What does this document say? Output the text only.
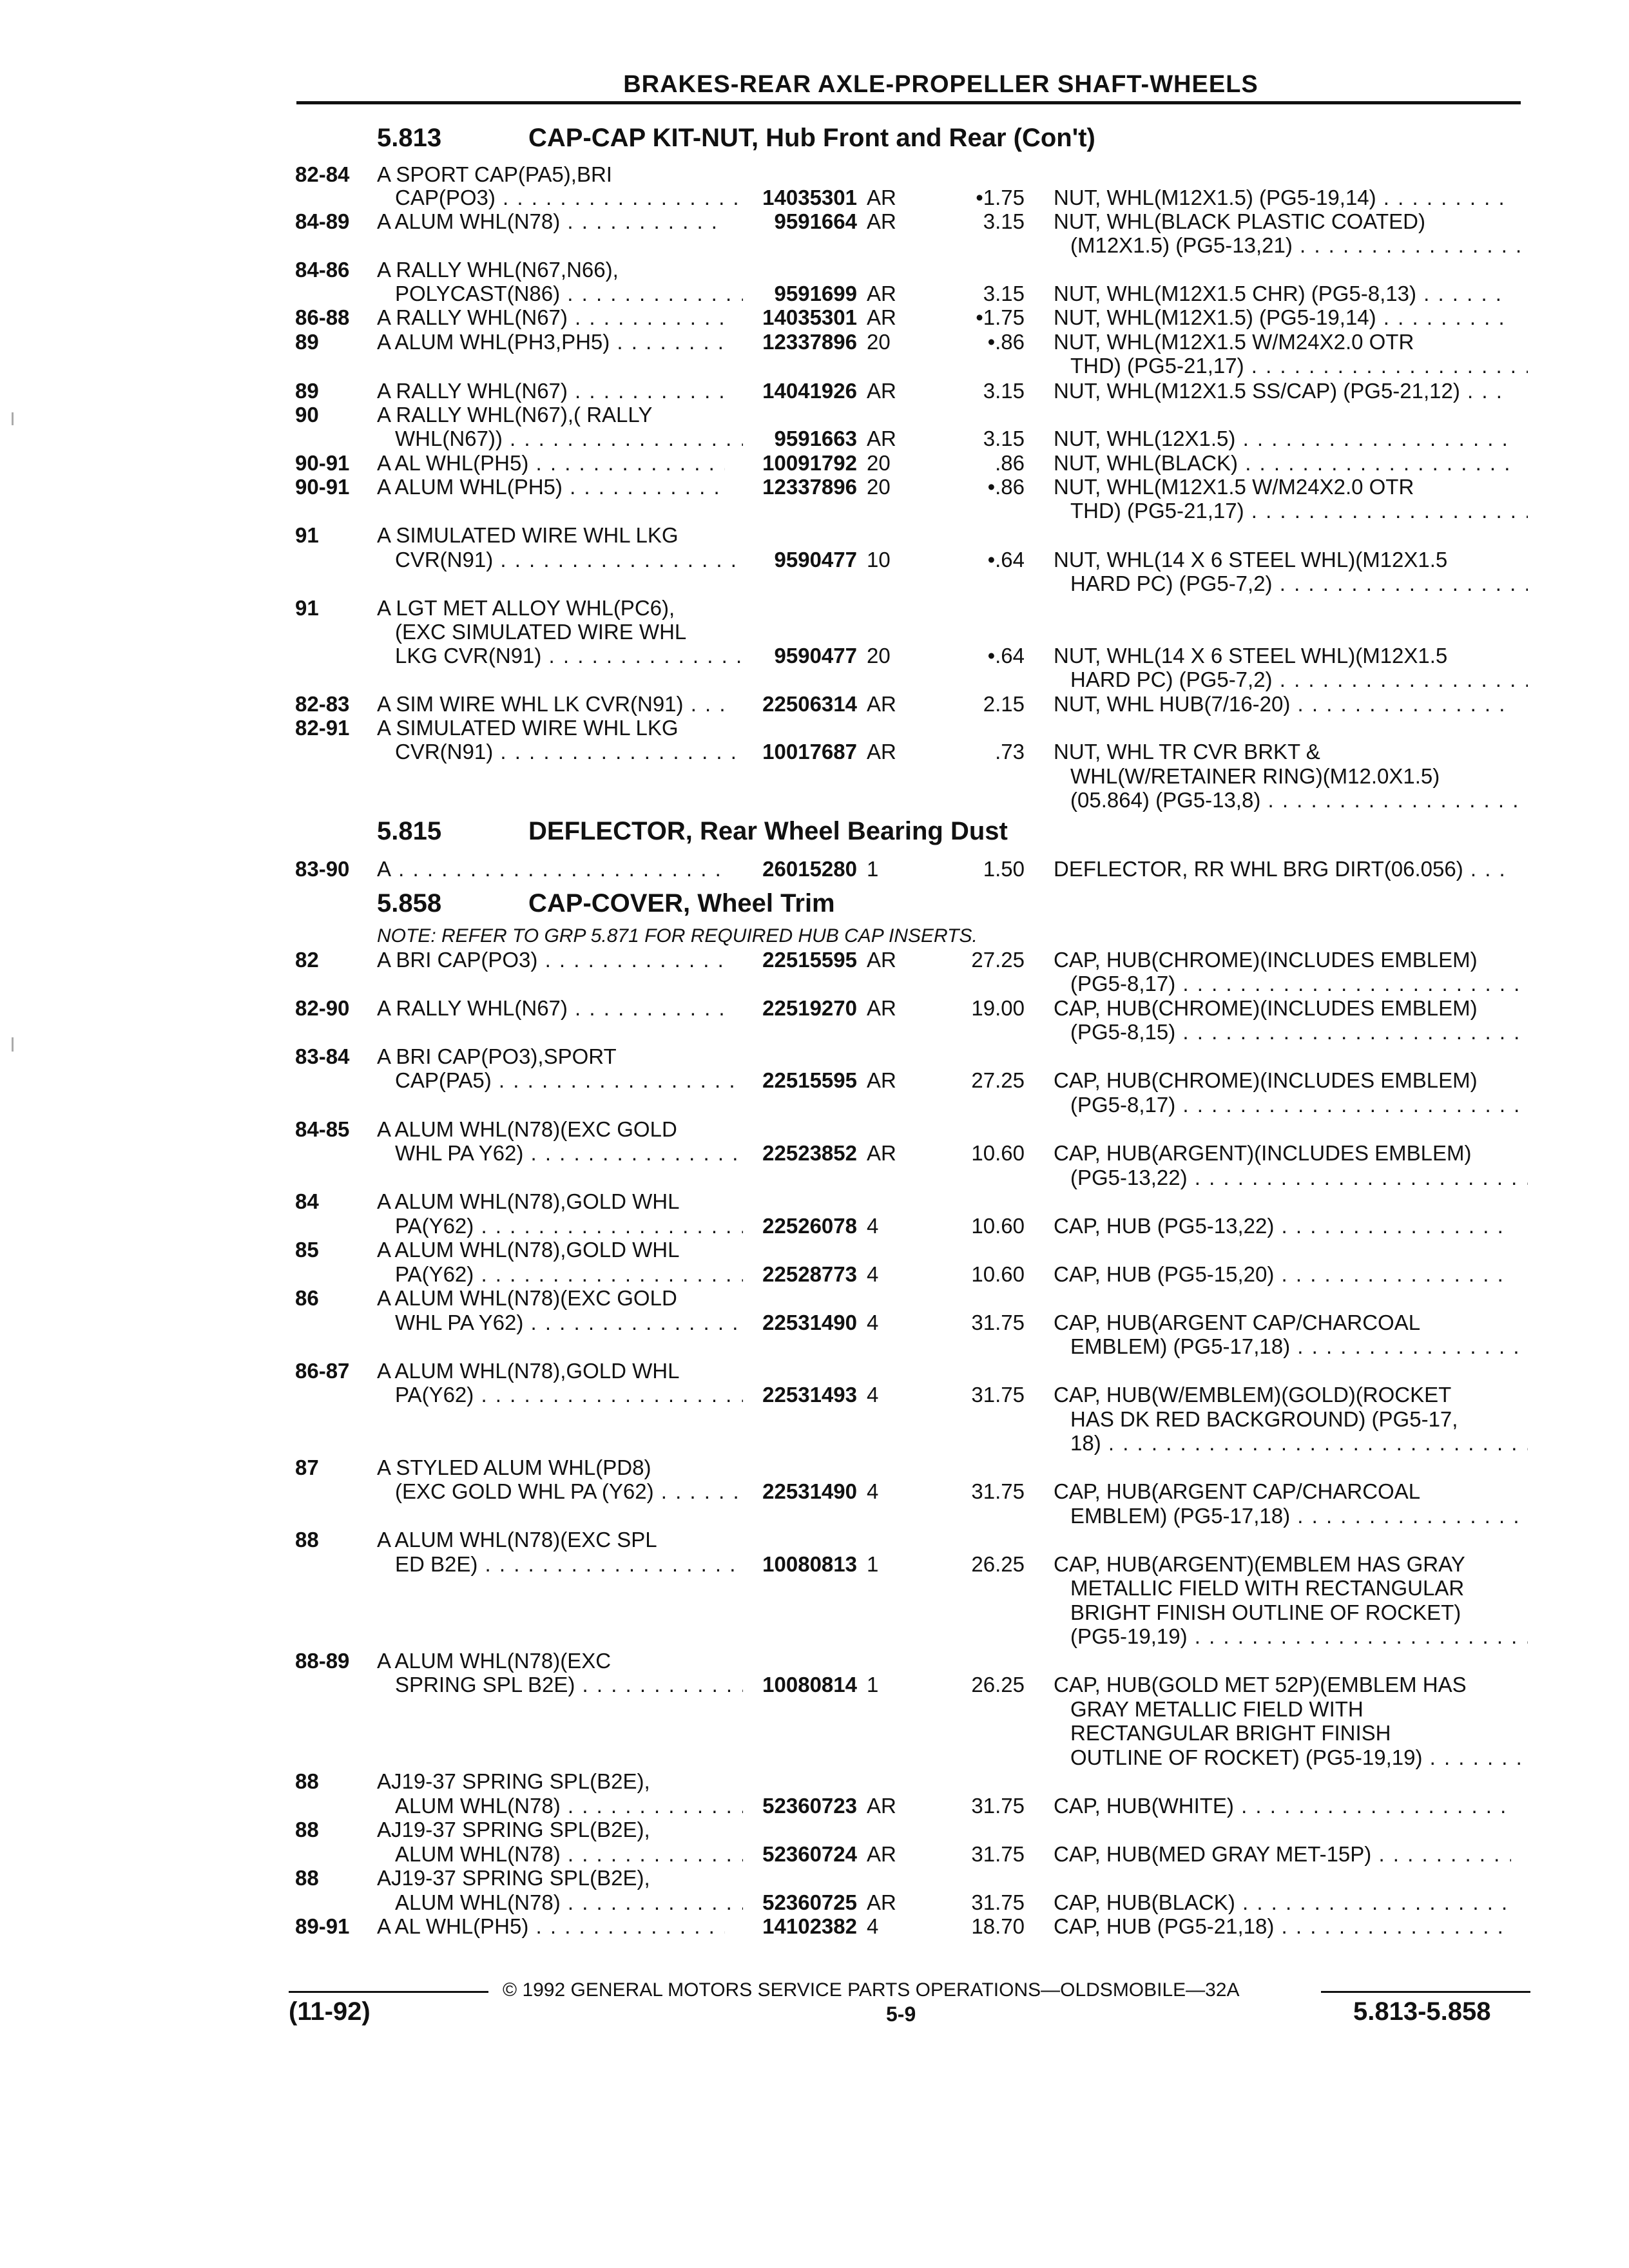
BRAKES-REAR AXLE-PROPELLER SHAFT-WHEELS
5.813	CAP-CAP KIT-NUT, Hub Front and Rear (Con't)
5.815	DEFLECTOR, Rear Wheel Bearing Dust
5.858	CAP-COVER, Wheel Trim
NOTE: REFER TO GRP 5.871 FOR REQUIRED HUB CAP INSERTS.
82-84	A SPORT CAP(PA5),BRI
CAP(PO3) . . .	14035301 AR	•1.75 NUT, WHL(M12X1.5) (PG5-19,14) . . .
84-89	A ALUM WHL(N78) . . .	9591664 AR	3.15 NUT, WHL(BLACK PLASTIC COATED)
(M12X1.5) (PG5-13,21) . . .
84-86	A RALLY WHL(N67,N66),
POLYCAST(N86) . . .	9591699 AR	3.15 NUT, WHL(M12X1.5 CHR) (PG5-8,13) . . .
86-88	A RALLY WHL(N67) . . .	14035301 AR	•1.75 NUT, WHL(M12X1.5) (PG5-19,14) . . .
89	A ALUM WHL(PH3,PH5) . . .	12337896 20	•.86 NUT, WHL(M12X1.5 W/M24X2.0 OTR
THD) (PG5-21,17) . . .
89	A RALLY WHL(N67) . . .	14041926 AR	3.15 NUT, WHL(M12X1.5 SS/CAP) (PG5-21,12) . . .
90	A RALLY WHL(N67),( RALLY
WHL(N67)) . . .	9591663 AR	3.15 NUT, WHL(12X1.5) . . .
90-91	A AL WHL(PH5) . . .	10091792 20	.86 NUT, WHL(BLACK) . . .
90-91	A ALUM WHL(PH5) . . .	12337896 20	•.86 NUT, WHL(M12X1.5 W/M24X2.0 OTR
THD) (PG5-21,17) . . .
91	A SIMULATED WIRE WHL LKG
CVR(N91) . . .	9590477 10	•.64 NUT, WHL(14 X 6 STEEL WHL)(M12X1.5
HARD PC) (PG5-7,2) . . .
91	A LGT MET ALLOY WHL(PC6),
(EXC SIMULATED WIRE WHL
LKG CVR(N91) . . .	9590477 20	•.64 NUT, WHL(14 X 6 STEEL WHL)(M12X1.5
HARD PC) (PG5-7,2) . . .
82-83	A SIM WIRE WHL LK CVR(N91) . . .	22506314 AR	2.15 NUT, WHL HUB(7/16-20) . . .
82-91	A SIMULATED WIRE WHL LKG
CVR(N91) . . .	10017687 AR	.73 NUT, WHL TR CVR BRKT &
WHL(W/RETAINER RING)(M12.0X1.5)
(05.864) (PG5-13,8) . . .
83-90	A . . .	26015280 1	1.50 DEFLECTOR, RR WHL BRG DIRT(06.056) . . .
82	A BRI CAP(PO3) . . .	22515595 AR	27.25 CAP, HUB(CHROME)(INCLUDES EMBLEM)
(PG5-8,17) . . .
82-90	A RALLY WHL(N67) . . .	22519270 AR	19.00 CAP, HUB(CHROME)(INCLUDES EMBLEM)
(PG5-8,15) . . .
83-84	A BRI CAP(PO3),SPORT
CAP(PA5) . . .	22515595 AR	27.25 CAP, HUB(CHROME)(INCLUDES EMBLEM)
(PG5-8,17) . . .
84-85	A ALUM WHL(N78)(EXC GOLD
WHL PA Y62) . . .	22523852 AR	10.60 CAP, HUB(ARGENT)(INCLUDES EMBLEM)
(PG5-13,22) . . .
84	A ALUM WHL(N78),GOLD WHL
PA(Y62) . . .	22526078 4	10.60 CAP, HUB (PG5-13,22) . . .
85	A ALUM WHL(N78),GOLD WHL
PA(Y62) . . .	22528773 4	10.60 CAP, HUB (PG5-15,20) . . .
86	A ALUM WHL(N78)(EXC GOLD
WHL PA Y62) . . .	22531490 4	31.75 CAP, HUB(ARGENT CAP/CHARCOAL
EMBLEM) (PG5-17,18) . . .
86-87	A ALUM WHL(N78),GOLD WHL
PA(Y62) . . .	22531493 4	31.75 CAP, HUB(W/EMBLEM)(GOLD)(ROCKET
HAS DK RED BACKGROUND) (PG5-17,
18) . . .
87	A STYLED ALUM WHL(PD8)
(EXC GOLD WHL PA (Y62) . . .	22531490 4	31.75 CAP, HUB(ARGENT CAP/CHARCOAL
EMBLEM) (PG5-17,18) . . .
88	A ALUM WHL(N78)(EXC SPL
ED B2E) . . .	10080813 1	26.25 CAP, HUB(ARGENT)(EMBLEM HAS GRAY
METALLIC FIELD WITH RECTANGULAR
BRIGHT FINISH OUTLINE OF ROCKET)
(PG5-19,19) . . .
88-89	A ALUM WHL(N78)(EXC
SPRING SPL B2E) . . .	10080814 1	26.25 CAP, HUB(GOLD MET 52P)(EMBLEM HAS
GRAY METALLIC FIELD WITH
RECTANGULAR BRIGHT FINISH
OUTLINE OF ROCKET) (PG5-19,19) . . .
88	AJ19-37 SPRING SPL(B2E),
ALUM WHL(N78) . . .	52360723 AR	31.75 CAP, HUB(WHITE) . . .
88	AJ19-37 SPRING SPL(B2E),
ALUM WHL(N78) . . .	52360724 AR	31.75 CAP, HUB(MED GRAY MET-15P) . . .
88	AJ19-37 SPRING SPL(B2E),
ALUM WHL(N78) . . .	52360725 AR	31.75 CAP, HUB(BLACK) . . .
89-91	A AL WHL(PH5) . . .	14102382 4	18.70 CAP, HUB (PG5-21,18) . . .
© 1992 GENERAL MOTORS SERVICE PARTS OPERATIONS—OLDSMOBILE—32A
(11-92)	5-9	5.813-5.858
